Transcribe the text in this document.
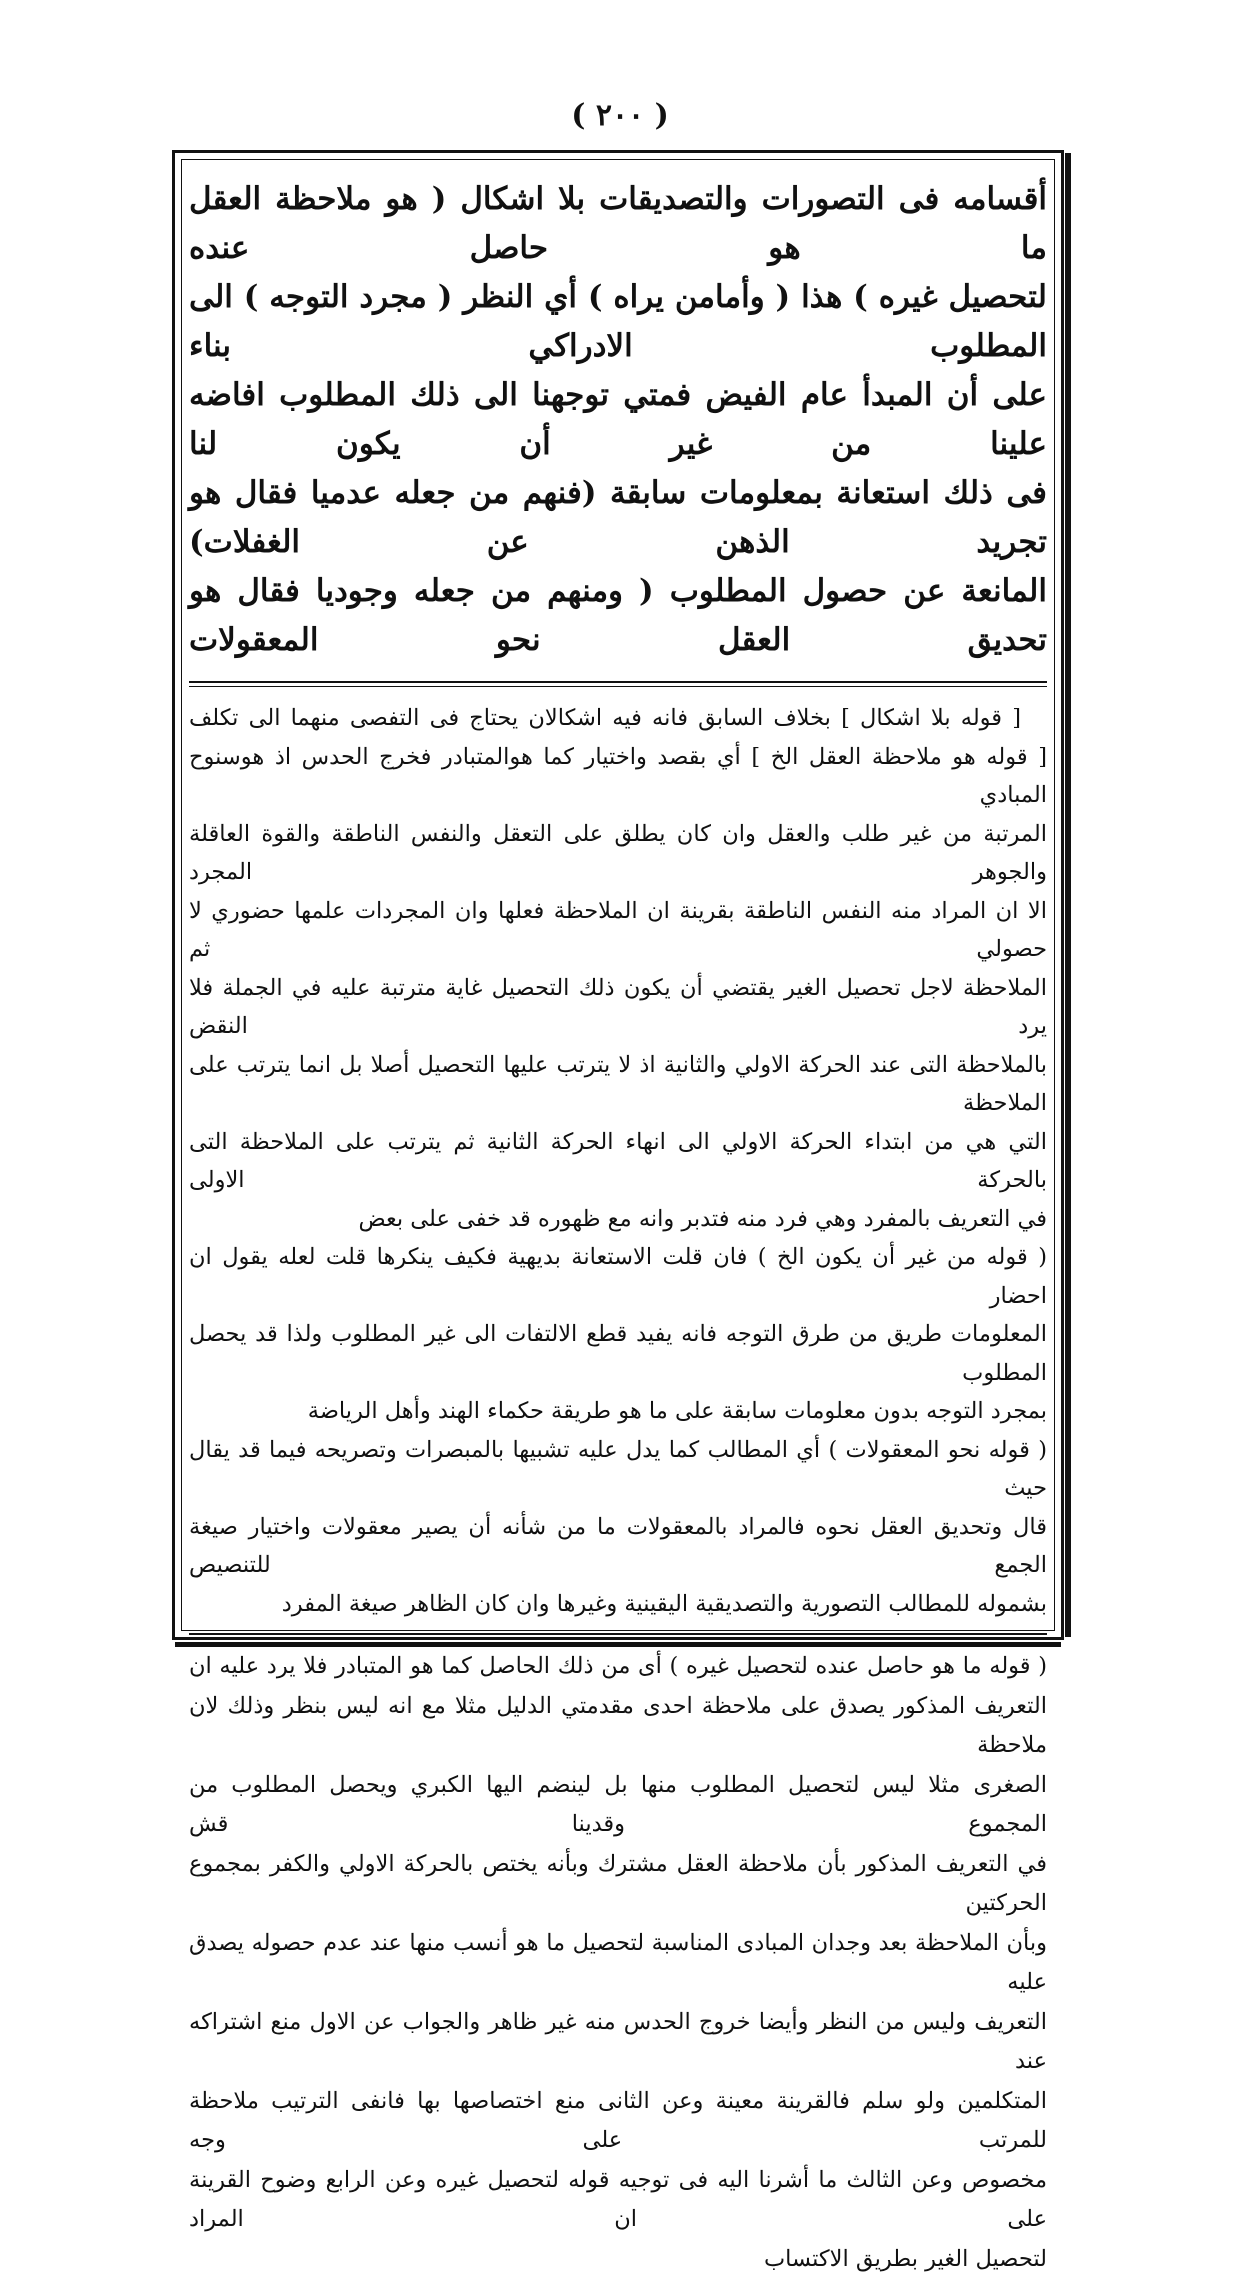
( ٢٠٠ )

أقسامه فى التصورات والتصديقات بلا اشكال ( هو ملاحظة العقل ما هو حاصل عنده

لتحصيل غيره ) هذا ( وأمامن يراه ) أي النظر ( مجرد التوجه ) الى المطلوب الادراكي بناء

على أن المبدأ عام الفيض فمتي توجهنا الى ذلك المطلوب افاضه علينا من غير أن يكون لنا

فى ذلك استعانة بمعلومات سابقة (فنهم من جعله عدميا فقال هو تجريد الذهن عن الغفلات)

المانعة عن حصول المطلوب ( ومنهم من جعله وجوديا فقال هو تحديق العقل نحو المعقولات

[ قوله بلا اشكال ] بخلاف السابق فانه فيه اشكالان يحتاج فى التفصى منهما الى تكلف

[ قوله هو ملاحظة العقل الخ ] أي بقصد واختيار كما هوالمتبادر فخرج الحدس اذ هوسنوح المبادي

المرتبة من غير طلب والعقل وان كان يطلق على التعقل والنفس الناطقة والقوة العاقلة والجوهر المجرد

الا ان المراد منه النفس الناطقة بقرينة ان الملاحظة فعلها وان المجردات علمها حضوري لا حصولي ثم

الملاحظة لاجل تحصيل الغير يقتضي أن يكون ذلك التحصيل غاية مترتبة عليه في الجملة فلا يرد النقض

بالملاحظة التى عند الحركة الاولي والثانية اذ لا يترتب عليها التحصيل أصلا بل انما يترتب على الملاحظة

التي هي من ابتداء الحركة الاولي الى انهاء الحركة الثانية ثم يترتب على الملاحظة التى بالحركة الاولى

في التعريف بالمفرد وهي فرد منه فتدبر وانه مع ظهوره قد خفى على بعض

( قوله من غير أن يكون الخ ) فان قلت الاستعانة بديهية فكيف ينكرها قلت لعله يقول ان احضار

المعلومات طريق من طرق التوجه فانه يفيد قطع الالتفات الى غير المطلوب ولذا قد يحصل المطلوب

بمجرد التوجه بدون معلومات سابقة على ما هو طريقة حكماء الهند وأهل الرياضة

( قوله نحو المعقولات ) أي المطالب كما يدل عليه تشبيها بالمبصرات وتصريحه فيما قد يقال حيث

قال وتحديق العقل نحوه فالمراد بالمعقولات ما من شأنه أن يصير معقولات واختيار صيغة الجمع للتنصيص

بشموله للمطالب التصورية والتصديقية اليقينية وغيرها وان كان الظاهر صيغة المفرد

( قوله ما هو حاصل عنده لتحصيل غيره ) أى من ذلك الحاصل كما هو المتبادر فلا يرد عليه ان

التعريف المذكور يصدق على ملاحظة احدى مقدمتي الدليل مثلا مع انه ليس بنظر وذلك لان ملاحظة

الصغرى مثلا ليس لتحصيل المطلوب منها بل لينضم اليها الكبري ويحصل المطلوب من المجموع وقدينا قش

في التعريف المذكور بأن ملاحظة العقل مشترك وبأنه يختص بالحركة الاولي والكفر بمجموع الحركتين

وبأن الملاحظة بعد وجدان المبادى المناسبة لتحصيل ما هو أنسب منها عند عدم حصوله يصدق عليه

التعريف وليس من النظر وأيضا خروج الحدس منه غير ظاهر والجواب عن الاول منع اشتراكه عند

المتكلمين ولو سلم فالقرينة معينة وعن الثانى منع اختصاصها بها فانفى الترتيب ملاحظة للمرتب على وجه

مخصوص وعن الثالث ما أشرنا اليه فى توجيه قوله لتحصيل غيره وعن الرابع وضوح القرينة على ان المراد

لتحصيل الغير بطريق الاكتساب
